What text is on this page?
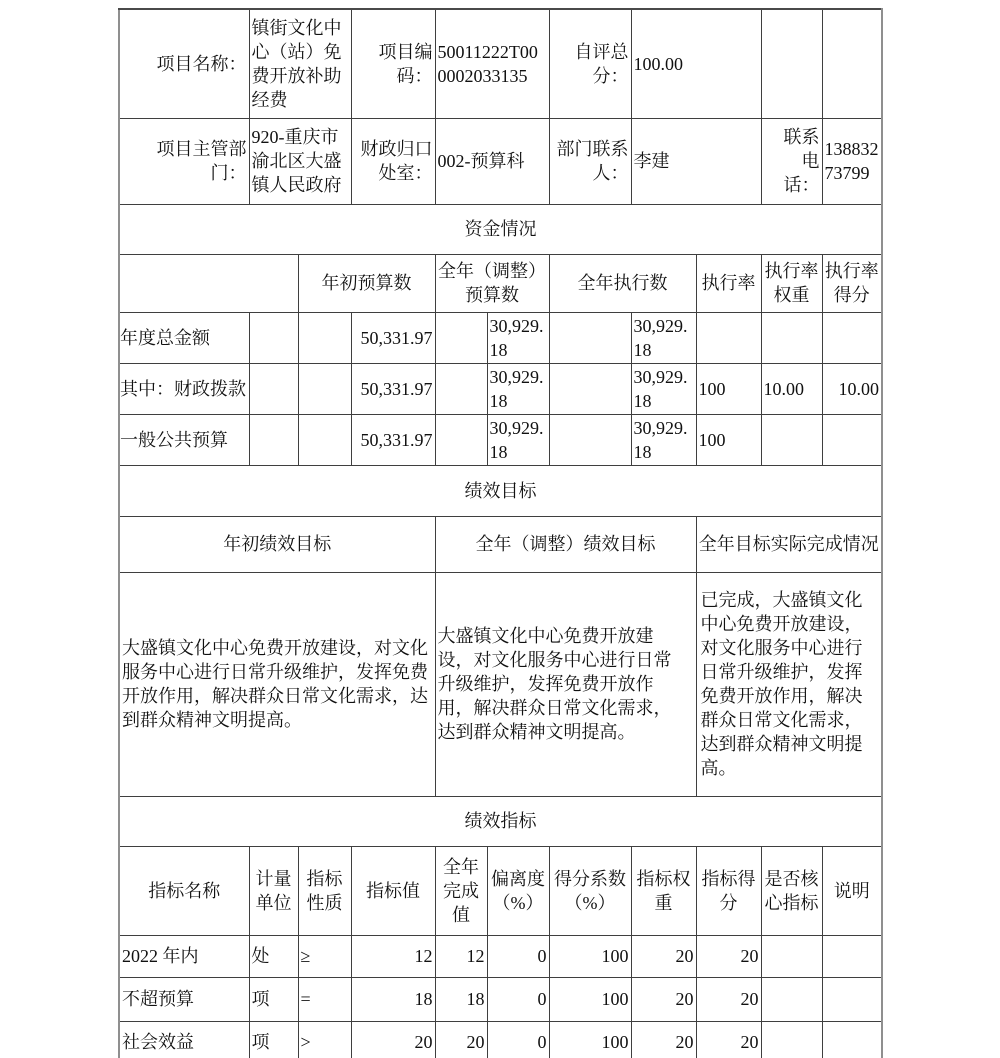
项目名称：	镇街文化中心（站）免费开放补助经费		项目编码：	50011222T000002033135		自评总分：	100.00			
项目主管部门：	920-重庆市渝北区大盛镇人民政府		财政归口处室：	002-预算科		部门联系人：	李建		联系电话：	1388327​3799
资金情况										
		年初预算数		全年（调整）预算数		全年执行数		执行率	执行率权重	执行率得分
年度总金额			50,331.97		30,929.18		30,929.18			
其中：财政拨款			50,331.97		30,929.18		30,929.18	100	10.00	10.00
一般公共预算			50,331.97		30,929.18		30,929.18	100		
绩效目标										
年初绩效目标				全年（调整）绩效目标				全年目标实际完成情况		
大盛镇文化中心免费开放建设，对文化服务中心进行日常升级维护，发挥免费开放作用，解决群众日常文化需求，达到群众精神文明提高。				大盛镇文化中心免费开放建设，对文化服务中心进行日常升级维护，发挥免费开放作用，解决群众日常文化需求，达到群众精神文明提高。				已完成，大盛镇文化中心免费开放建设，对文化服务中心进行日常升级维护，发挥免费开放作用，解决群众日常文化需求，达到群众精神文明提高。		
绩效指标										
指标名称	计量单位	指标性质	指标值	全年完成值	偏离度（%）	得分系数（%）	指标权重	指标得分	是否核心指标	说明
2022 年内	处	≥	12	12	0	100	20	20		
不超预算	项	=	18	18	0	100	20	20		
社会效益	项	>	20	20	0	100	20	20		
